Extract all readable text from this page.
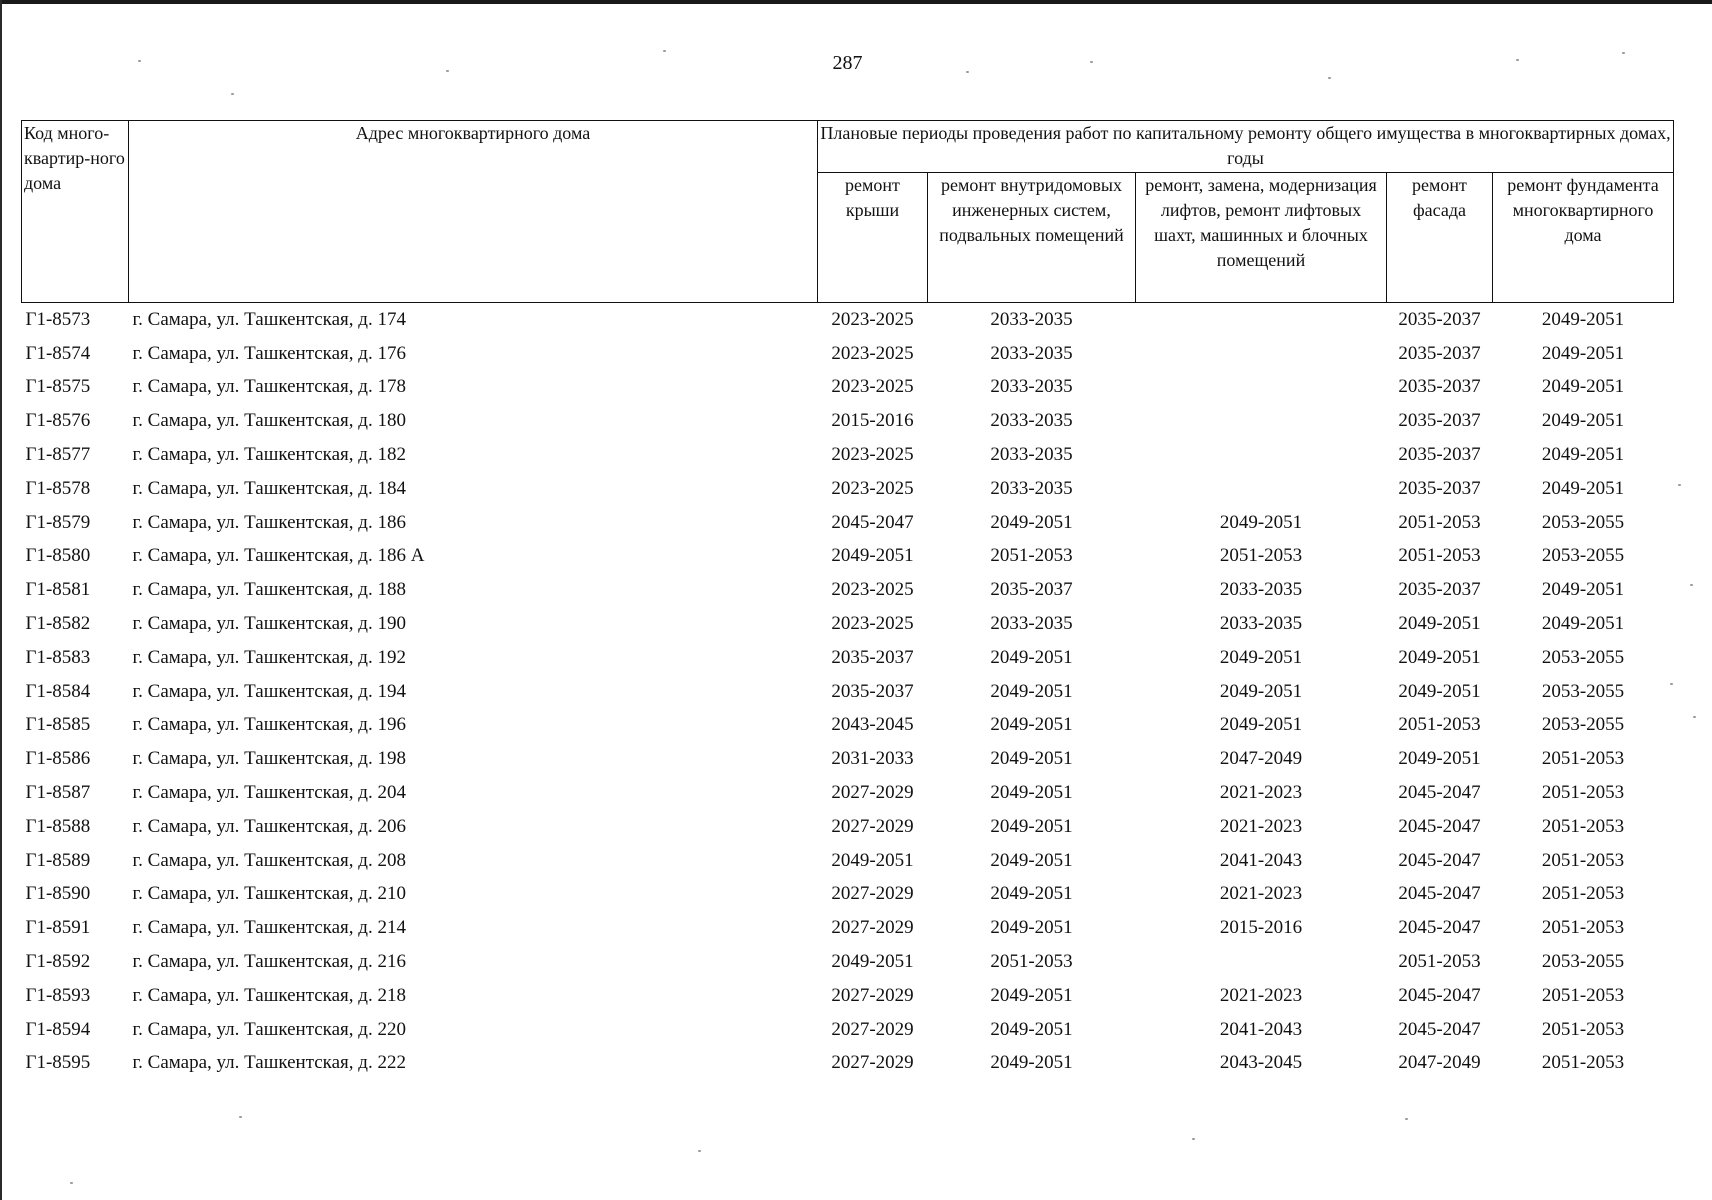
287
Код много-квартир-ного дома	Адрес многоквартирного дома	Плановые периоды проведения работ по капитальному ремонту общего имущества в многоквартирных домах, годы				
		ремонт крыши	ремонт внутридомовых инженерных систем, подвальных помещений	ремонт, замена, модернизация лифтов, ремонт лифтовых шахт, машинных и блочных помещений	ремонт фасада	ремонт фундамента многоквартирного дома
Г1-8573	г. Самара, ул. Ташкентская, д. 174	2023-2025	2033-2035		2035-2037	2049-2051
Г1-8574	г. Самара, ул. Ташкентская, д. 176	2023-2025	2033-2035		2035-2037	2049-2051
Г1-8575	г. Самара, ул. Ташкентская, д. 178	2023-2025	2033-2035		2035-2037	2049-2051
Г1-8576	г. Самара, ул. Ташкентская, д. 180	2015-2016	2033-2035		2035-2037	2049-2051
Г1-8577	г. Самара, ул. Ташкентская, д. 182	2023-2025	2033-2035		2035-2037	2049-2051
Г1-8578	г. Самара, ул. Ташкентская, д. 184	2023-2025	2033-2035		2035-2037	2049-2051
Г1-8579	г. Самара, ул. Ташкентская, д. 186	2045-2047	2049-2051	2049-2051	2051-2053	2053-2055
Г1-8580	г. Самара, ул. Ташкентская, д. 186 А	2049-2051	2051-2053	2051-2053	2051-2053	2053-2055
Г1-8581	г. Самара, ул. Ташкентская, д. 188	2023-2025	2035-2037	2033-2035	2035-2037	2049-2051
Г1-8582	г. Самара, ул. Ташкентская, д. 190	2023-2025	2033-2035	2033-2035	2049-2051	2049-2051
Г1-8583	г. Самара, ул. Ташкентская, д. 192	2035-2037	2049-2051	2049-2051	2049-2051	2053-2055
Г1-8584	г. Самара, ул. Ташкентская, д. 194	2035-2037	2049-2051	2049-2051	2049-2051	2053-2055
Г1-8585	г. Самара, ул. Ташкентская, д. 196	2043-2045	2049-2051	2049-2051	2051-2053	2053-2055
Г1-8586	г. Самара, ул. Ташкентская, д. 198	2031-2033	2049-2051	2047-2049	2049-2051	2051-2053
Г1-8587	г. Самара, ул. Ташкентская, д. 204	2027-2029	2049-2051	2021-2023	2045-2047	2051-2053
Г1-8588	г. Самара, ул. Ташкентская, д. 206	2027-2029	2049-2051	2021-2023	2045-2047	2051-2053
Г1-8589	г. Самара, ул. Ташкентская, д. 208	2049-2051	2049-2051	2041-2043	2045-2047	2051-2053
Г1-8590	г. Самара, ул. Ташкентская, д. 210	2027-2029	2049-2051	2021-2023	2045-2047	2051-2053
Г1-8591	г. Самара, ул. Ташкентская, д. 214	2027-2029	2049-2051	2015-2016	2045-2047	2051-2053
Г1-8592	г. Самара, ул. Ташкентская, д. 216	2049-2051	2051-2053		2051-2053	2053-2055
Г1-8593	г. Самара, ул. Ташкентская, д. 218	2027-2029	2049-2051	2021-2023	2045-2047	2051-2053
Г1-8594	г. Самара, ул. Ташкентская, д. 220	2027-2029	2049-2051	2041-2043	2045-2047	2051-2053
Г1-8595	г. Самара, ул. Ташкентская, д. 222	2027-2029	2049-2051	2043-2045	2047-2049	2051-2053
